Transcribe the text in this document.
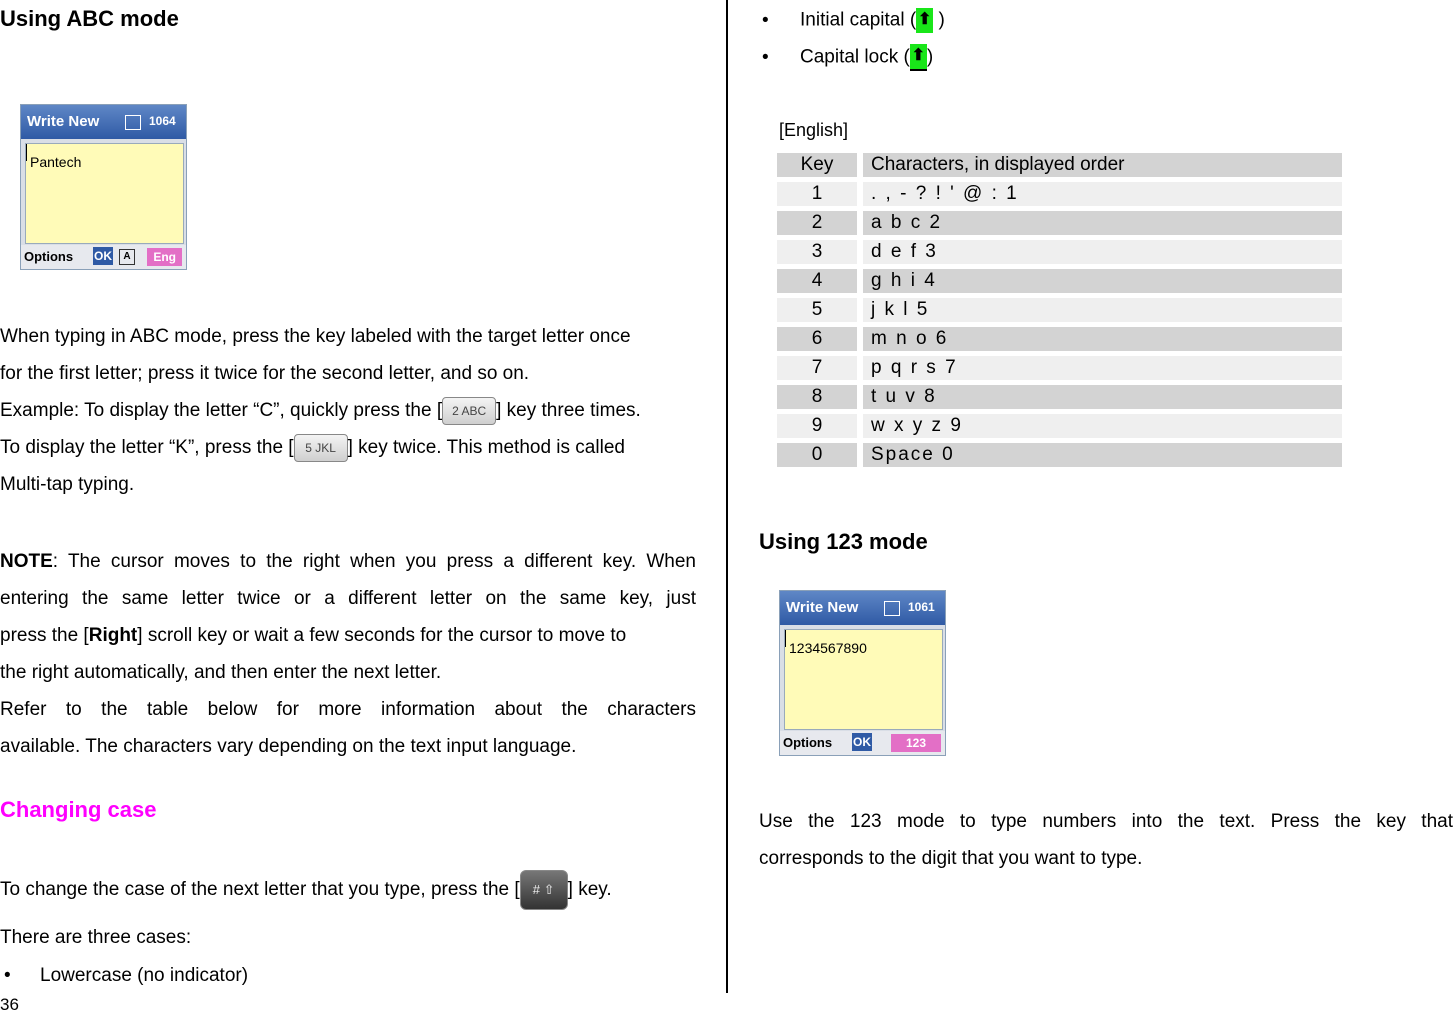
Using ABC mode
Write New	1064
Pantech
Options OK	A	Eng
When typing in ABC mode, press the key labeled with the target letter once
for the first letter; press it twice for the second letter, and so on.
Example: To display the letter “C”, quickly press the [ 2 ABC ] key three times.
To display the letter “K”, press the [ 5 JKL ] key twice. This method is called
Multi-tap typing.
NOTE: The cursor moves to the right when you press a different key. When
entering the same letter twice or a different letter on the same key, just
press the [Right] scroll key or wait a few seconds for the cursor to move to
the right automatically, and then enter the next letter.
Refer to the table below for more information about the characters
available. The characters vary depending on the text input language.
Changing case
To change the case of the next letter that you type, press the [ # ⇧ ] key.
There are three cases:
• Lowercase (no indicator)
36
• Initial capital ( ⬆ )
• Capital lock ( ⬆)
[English]
Key		Characters, in displayed order
1		. , - ? ! ' @ : 1
2		a b c 2
3		d e f 3
4		g h i 4
5		j k l 5
6		m n o 6
7		p q r s 7
8		t u v 8
9		w x y z 9
0		Space 0
Using 123 mode
Write New	1061
1234567890
Options OK	123
Use the 123 mode to type numbers into the text. Press the key that
corresponds to the digit that you want to type.
